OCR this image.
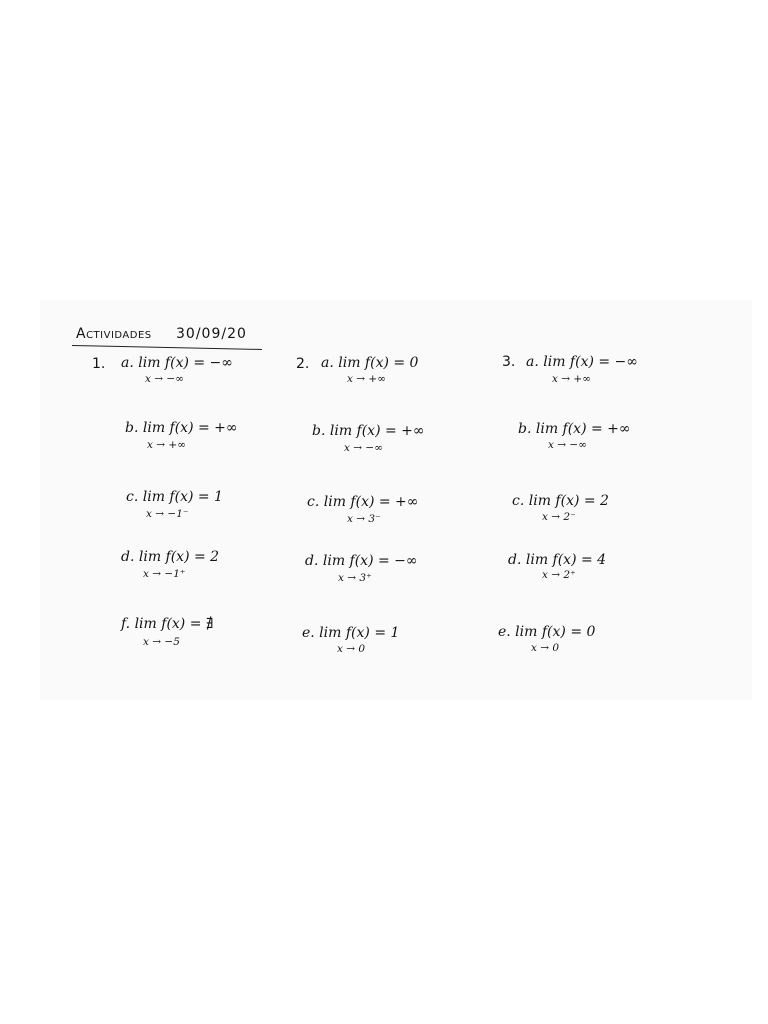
Actividades 30/09/20
1.	2.	3.
a. lim f(x) = −∞
x → −∞
b. lim f(x) = +∞
x → +∞
c. lim f(x) = 1
x → −1⁻
d. lim f(x) = 2
x → −1⁺
f. lim f(x) = ∄
x → −5
a. lim f(x) = 0
x → +∞
b. lim f(x) = +∞
x → −∞
c. lim f(x) = +∞
x → 3⁻
d. lim f(x) = −∞
x → 3⁺
e. lim f(x) = 1
x → 0
a. lim f(x) = −∞
x → +∞
b. lim f(x) = +∞
x → −∞
c. lim f(x) = 2
x → 2⁻
d. lim f(x) = 4
x → 2⁺
e. lim f(x) = 0
x → 0
